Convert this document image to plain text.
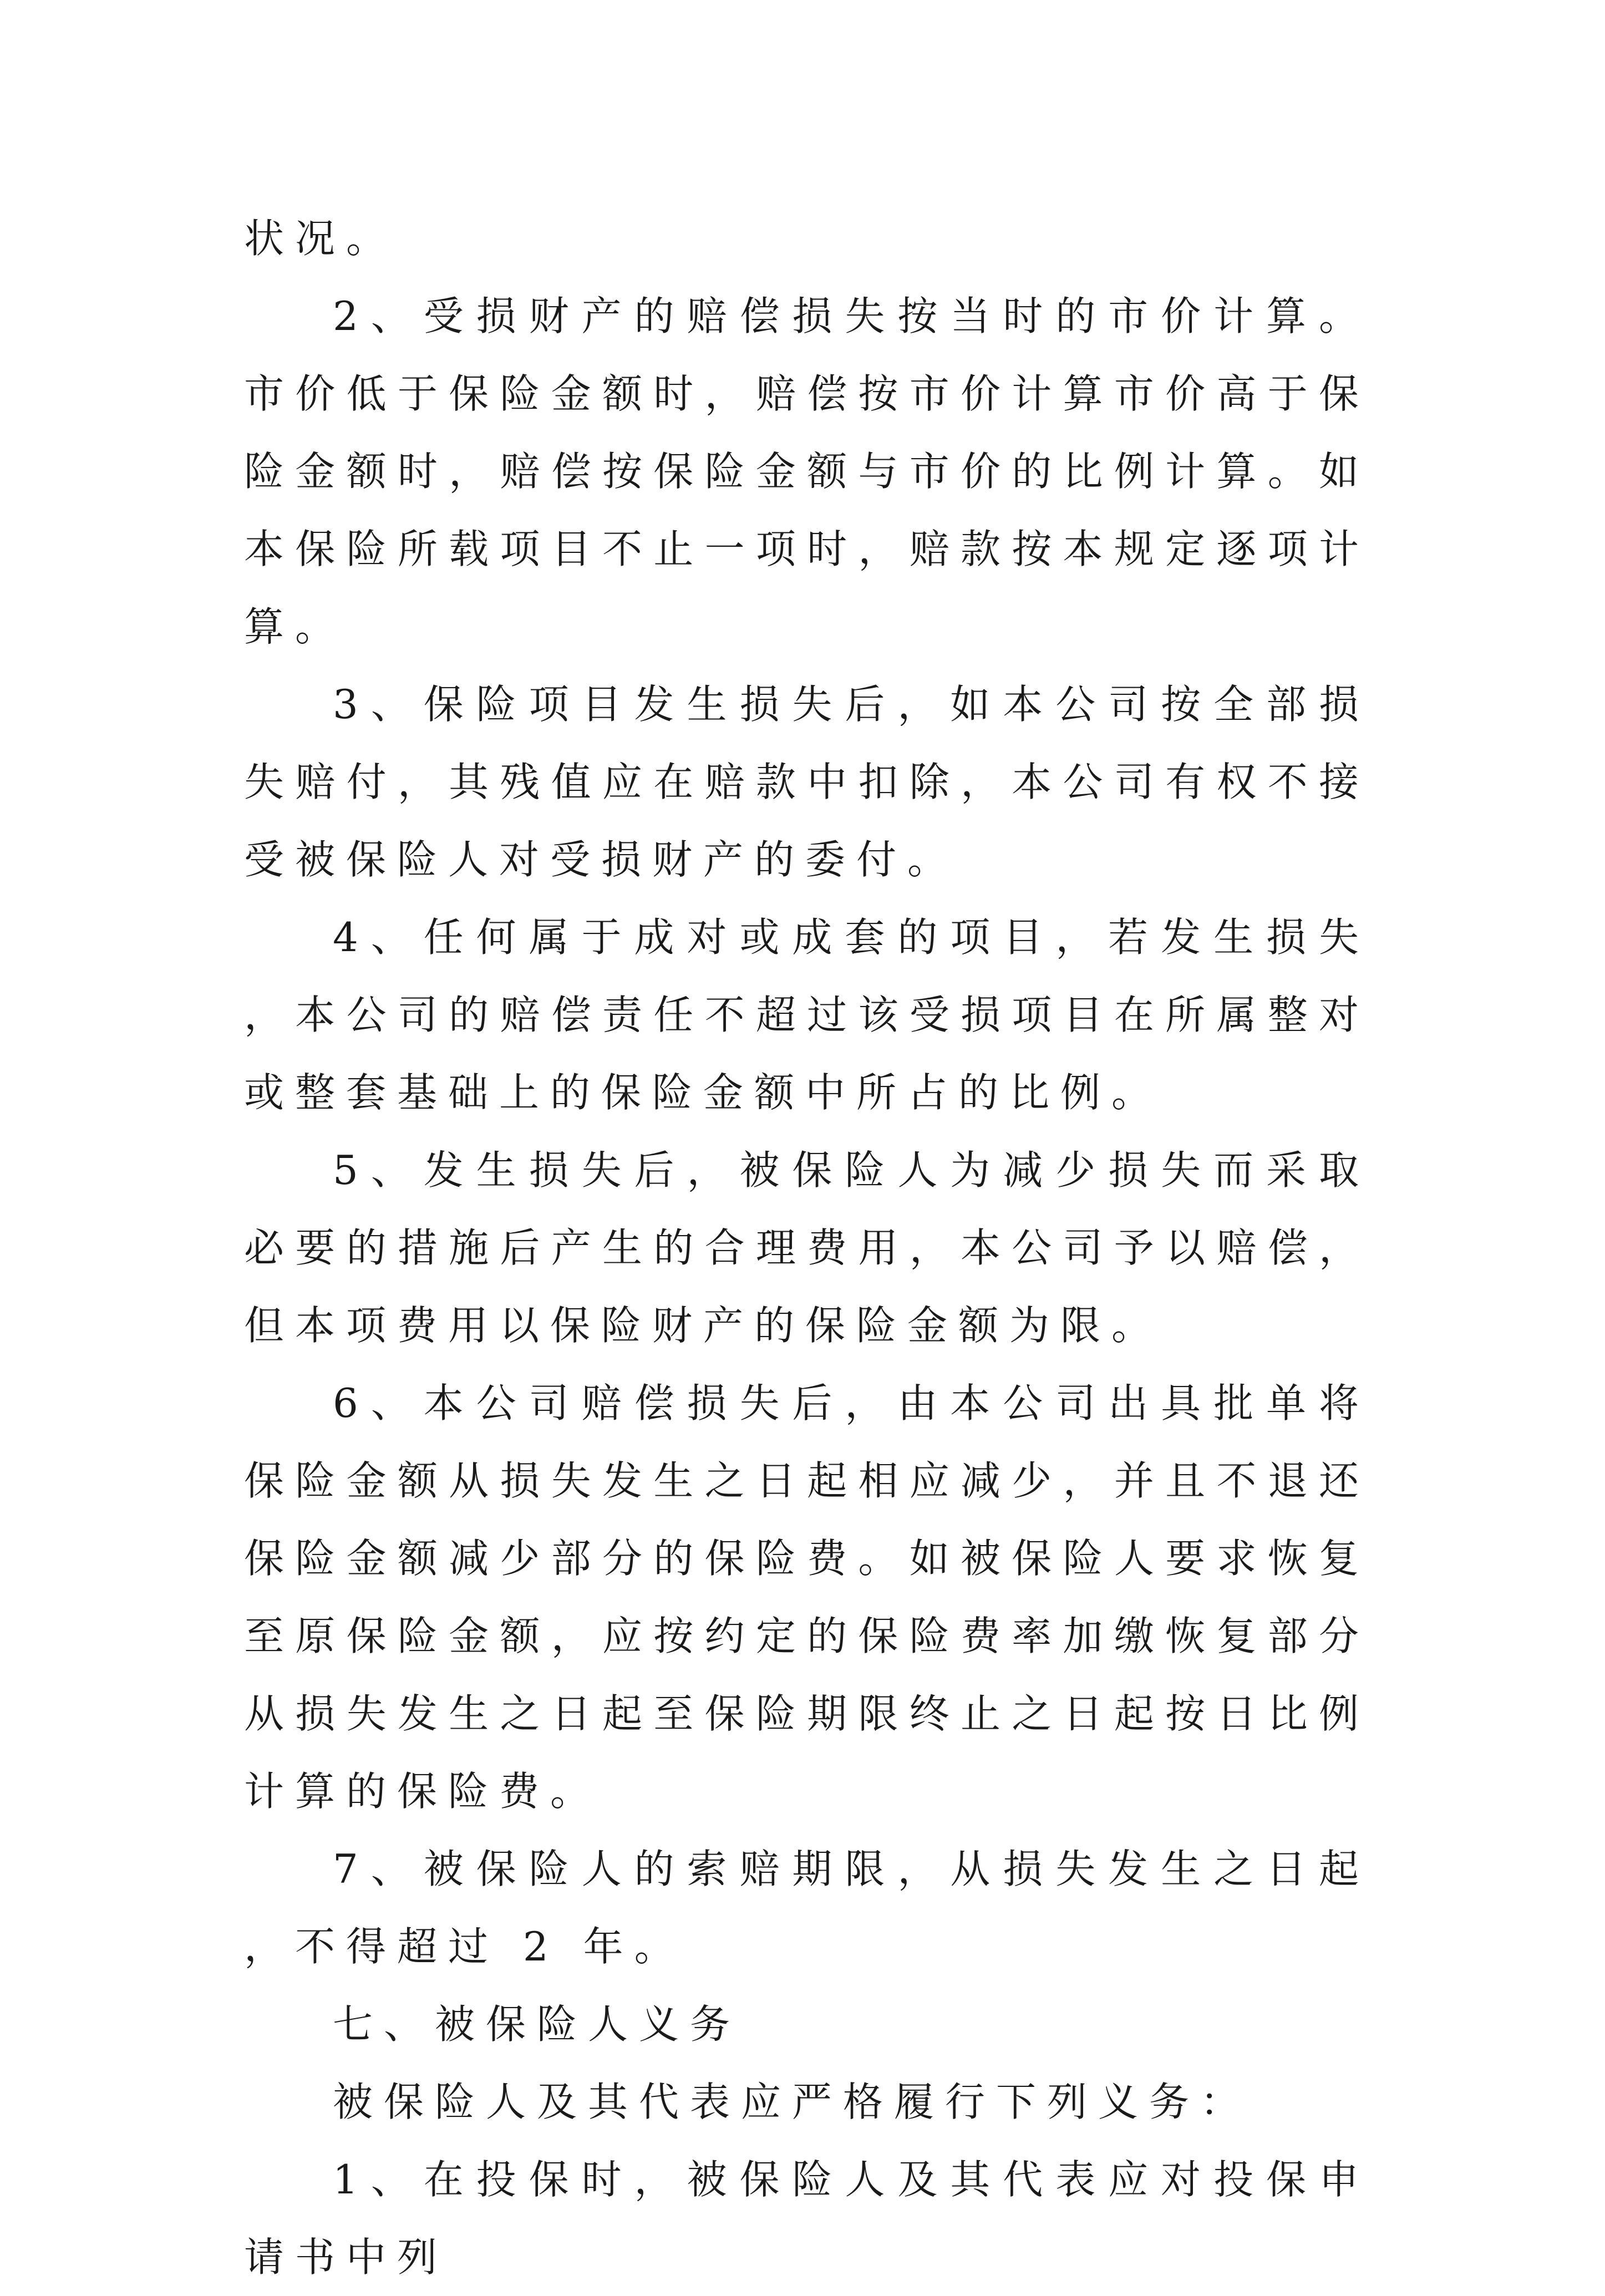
状况。

2、受损财产的赔偿损失按当时的市价计算。市价低于保险金额时，赔偿按市价计算市价高于保险金额时，赔偿按保险金额与市价的比例计算。如本保险所载项目不止一项时，赔款按本规定逐项计算。

3、保险项目发生损失后，如本公司按全部损失赔付，其残值应在赔款中扣除，本公司有权不接受被保险人对受损财产的委付。

4、任何属于成对或成套的项目，若发生损失，本公司的赔偿责任不超过该受损项目在所属整对或整套基础上的保险金额中所占的比例。

5、发生损失后，被保险人为减少损失而采取必要的措施后产生的合理费用，本公司予以赔偿，但本项费用以保险财产的保险金额为限。

6、本公司赔偿损失后，由本公司出具批单将保险金额从损失发生之日起相应减少，并且不退还保险金额减少部分的保险费。如被保险人要求恢复至原保险金额，应按约定的保险费率加缴恢复部分从损失发生之日起至保险期限终止之日起按日比例计算的保险费。

7、被保险人的索赔期限，从损失发生之日起，不得超过 2 年。

七、被保险人义务

被保险人及其代表应严格履行下列义务：

1、在投保时，被保险人及其代表应对投保申请书中列
